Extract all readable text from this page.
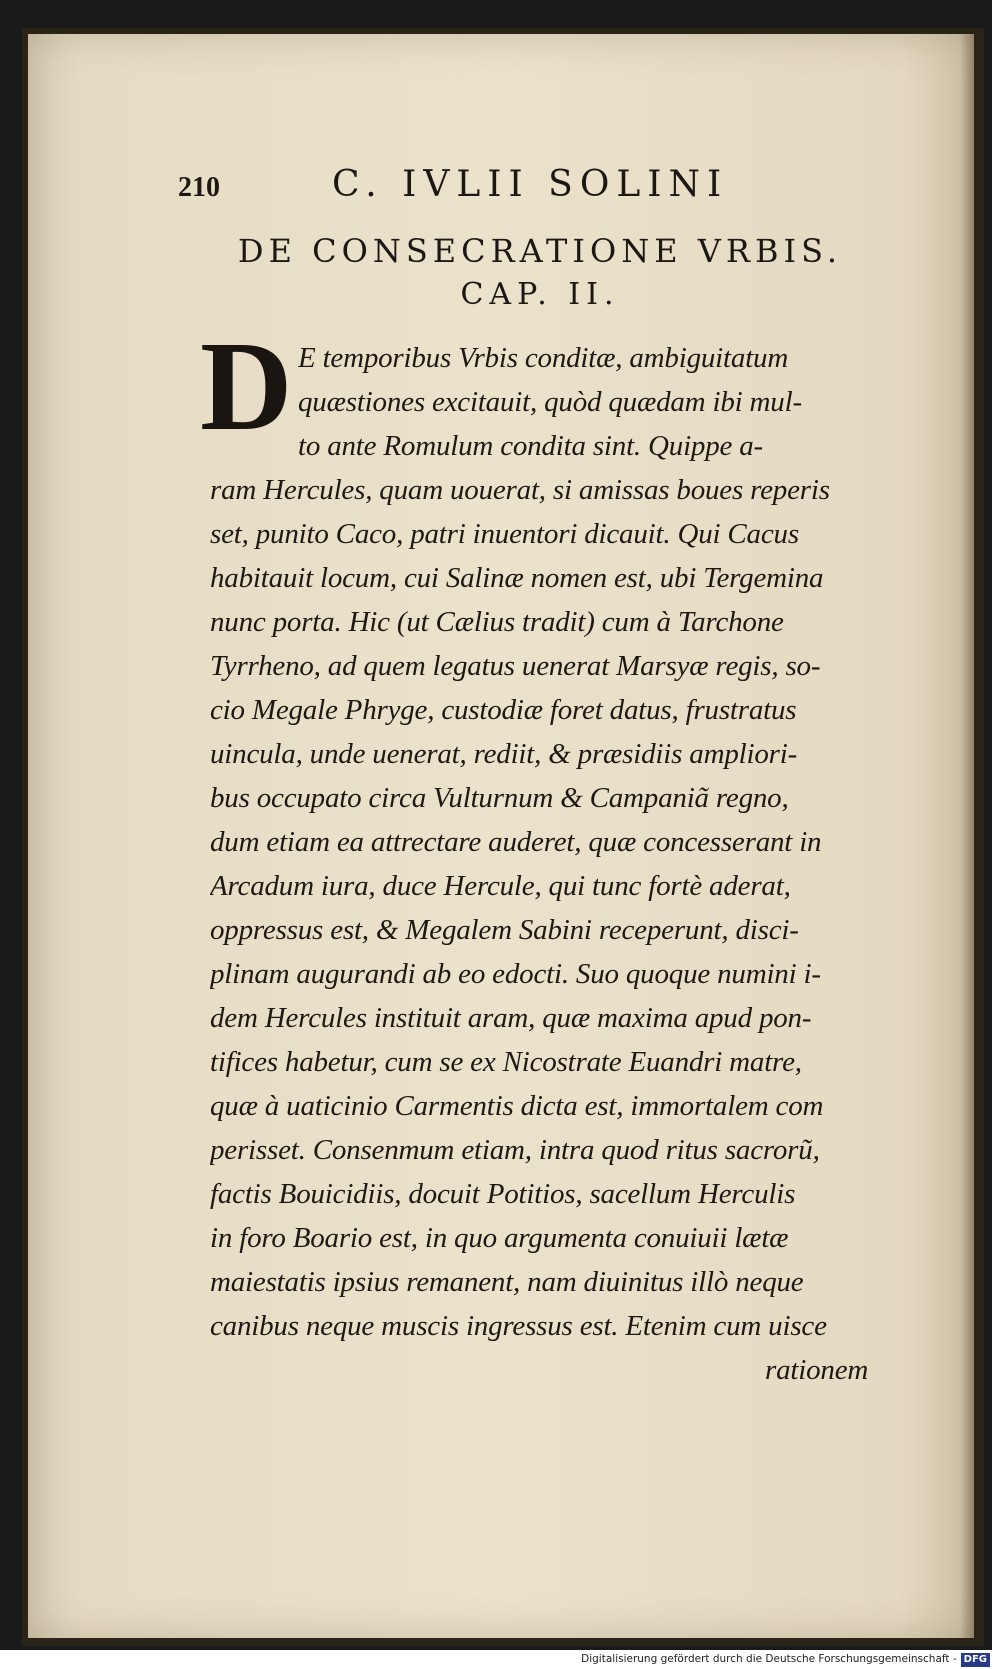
210	C. IVLII SOLINI
DE CONSECRATIONE VRBIS.
CAP. II.
D E temporibus Vrbis conditæ, ambiguitatum
quæstiones excitauit, quòd quædam ibi mul-
to ante Romulum condita sint. Quippe a-
ram Hercules, quam uouerat, si amissas boues reperis
set, punito Caco, patri inuentori dicauit. Qui Cacus
habitauit locum, cui Salinæ nomen est, ubi Tergemina
nunc porta. Hic (ut Cælius tradit) cum à Tarchone
Tyrrheno, ad quem legatus uenerat Marsyæ regis, so-
cio Megale Phryge, custodiæ foret datus, frustratus
uincula, unde uenerat, rediit, & præsidiis ampliori-
bus occupato circa Vulturnum & Campaniã regno,
dum etiam ea attrectare auderet, quæ concesserant in
Arcadum iura, duce Hercule, qui tunc fortè aderat,
oppressus est, & Megalem Sabini receperunt, disci-
plinam augurandi ab eo edocti. Suo quoque numini i-
dem Hercules instituit aram, quæ maxima apud pon-
tifices habetur, cum se ex Nicostrate Euandri matre,
quæ à uaticinio Carmentis dicta est, immortalem com
perisset. Consептum etiam, intra quod ritus sacrorũ,
factis Bouicidiis, docuit Potitios, sacellum Herculis
in foro Boario est, in quo argumenta conuiuii lætæ
maiestatis ipsius remanent, nam diuinitus illò neque
canibus neque muscis ingressus est. Etenim cum uisce
rationem
Digitalisierung gefördert durch die Deutsche Forschungsgemeinschaft - DFG
